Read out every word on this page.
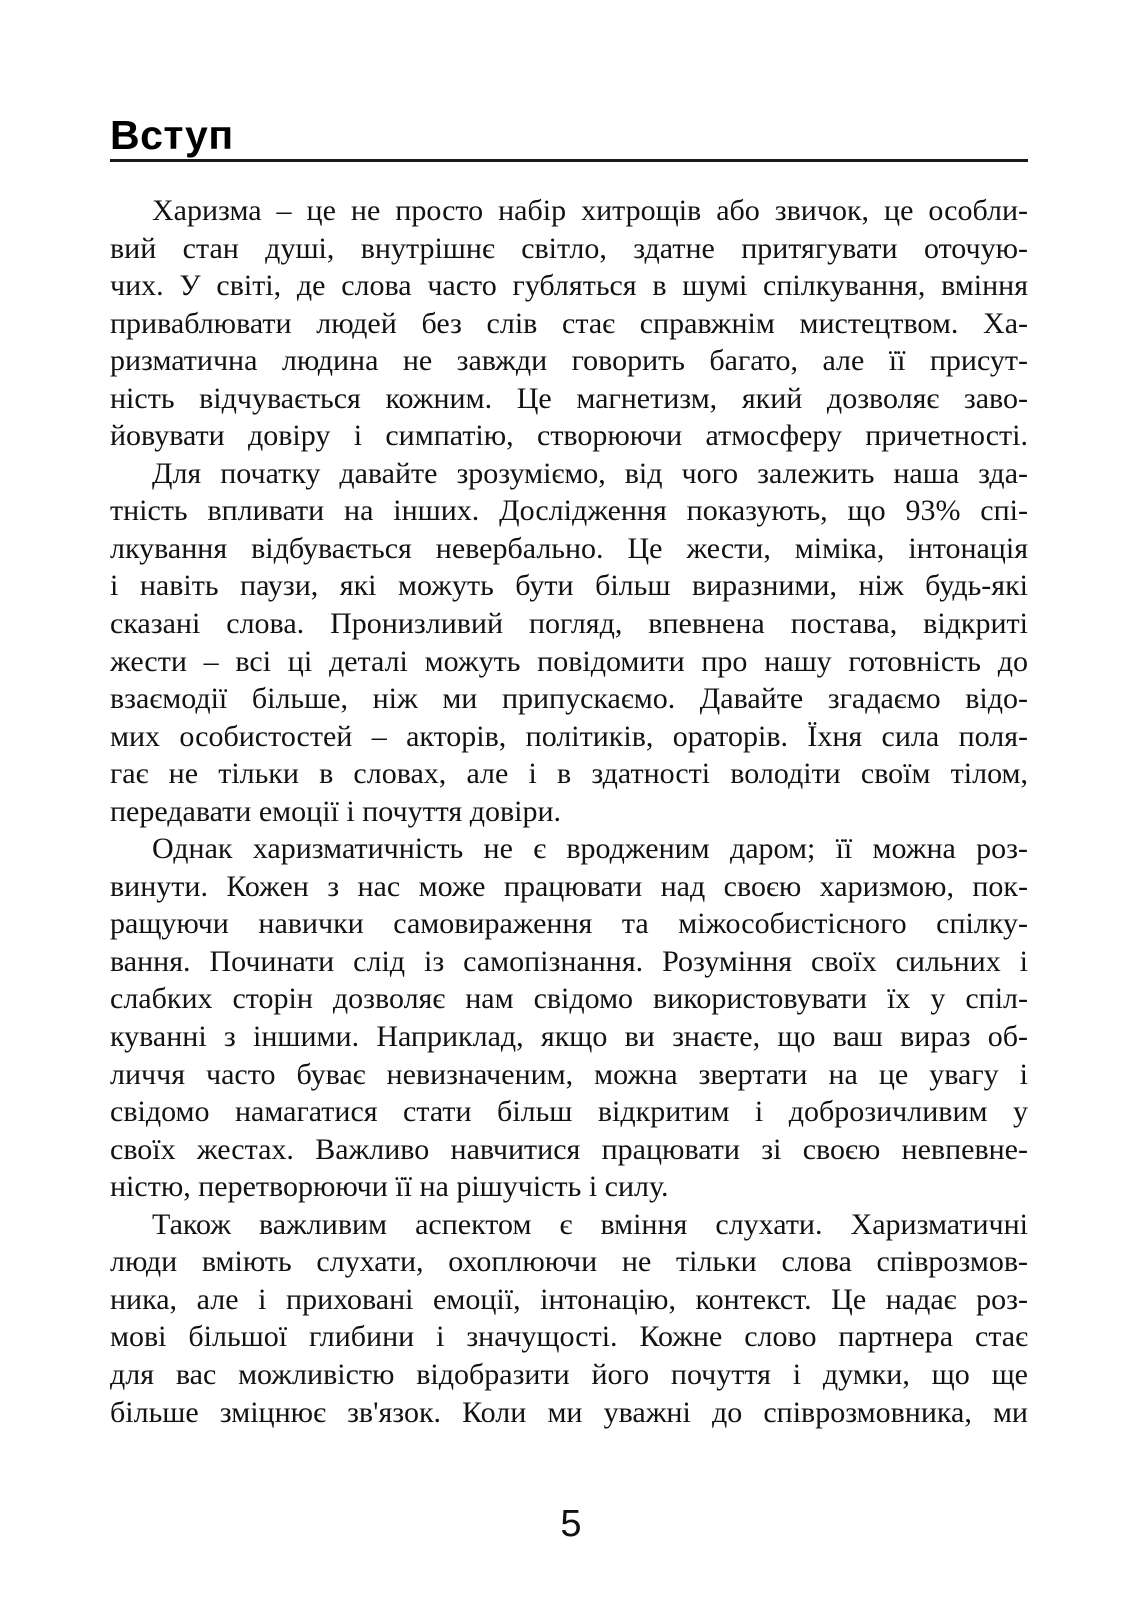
Вступ
Харизма – це не просто набір хитрощів або звичок, це особли-
вий стан душі, внутрішнє світло, здатне притягувати оточую-
чих. У світі, де слова часто губляться в шумі спілкування, вміння
приваблювати людей без слів стає справжнім мистецтвом. Ха-
ризматична людина не завжди говорить багато, але її присут-
ність відчувається кожним. Це магнетизм, який дозволяє заво-
йовувати довіру і симпатію, створюючи атмосферу причетності.
Для початку давайте зрозуміємо, від чого залежить наша зда-
тність впливати на інших. Дослідження показують, що 93% спі-
лкування відбувається невербально. Це жести, міміка, інтонація
і навіть паузи, які можуть бути більш виразними, ніж будь-які
сказані слова. Пронизливий погляд, впевнена постава, відкриті
жести – всі ці деталі можуть повідомити про нашу готовність до
взаємодії більше, ніж ми припускаємо. Давайте згадаємо відо-
мих особистостей – акторів, політиків, ораторів. Їхня сила поля-
гає не тільки в словах, але і в здатності володіти своїм тілом,
передавати емоції і почуття довіри.
Однак харизматичність не є вродженим даром; її можна роз-
винути. Кожен з нас може працювати над своєю харизмою, пок-
ращуючи навички самовираження та міжособистісного спілку-
вання. Починати слід із самопізнання. Розуміння своїх сильних і
слабких сторін дозволяє нам свідомо використовувати їх у спіл-
куванні з іншими. Наприклад, якщо ви знаєте, що ваш вираз об-
личчя часто буває невизначеним, можна звертати на це увагу і
свідомо намагатися стати більш відкритим і доброзичливим у
своїх жестах. Важливо навчитися працювати зі своєю невпевне-
ністю, перетворюючи її на рішучість і силу.
Також важливим аспектом є вміння слухати. Харизматичні
люди вміють слухати, охоплюючи не тільки слова співрозмов-
ника, але і приховані емоції, інтонацію, контекст. Це надає роз-
мові більшої глибини і значущості. Кожне слово партнера стає
для вас можливістю відобразити його почуття і думки, що ще
більше зміцнює зв'язок. Коли ми уважні до співрозмовника, ми
5
